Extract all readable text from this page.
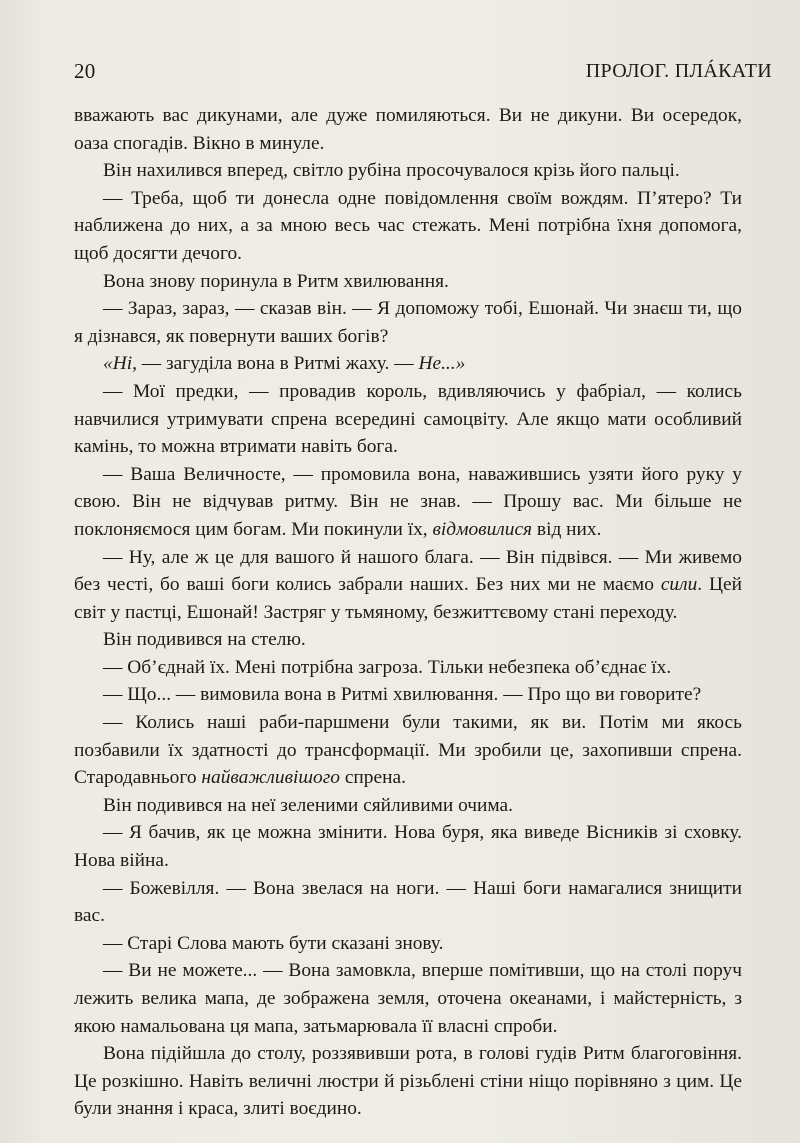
20	ПРОЛОГ. ПЛÁКАТИ

вважають вас дикунами, але дуже помиляються. Ви не дикуни. Ви осередок, оаза спогадів. Вікно в минуле.

Він нахилився вперед, світло рубіна просочувалося крізь його пальці.

— Треба, щоб ти донесла одне повідомлення своїм вождям. П’ятеро? Ти наближена до них, а за мною весь час стежать. Мені потрібна їхня допомога, щоб досягти дечого.

Вона знову поринула в Ритм хвилювання.

— Зараз, зараз, — сказав він. — Я допоможу тобі, Ешонай. Чи знаєш ти, що я дізнався, як повернути ваших богів?

«Ні, — загуділа вона в Ритмі жаху. — Не...»

— Мої предки, — провадив король, вдивляючись у фабріал, — колись навчилися утримувати спрена всередині самоцвіту. Але якщо мати особливий камінь, то можна втримати навіть бога.

— Ваша Величносте, — промовила вона, наважившись узяти його руку у свою. Він не відчував ритму. Він не знав. — Прошу вас. Ми більше не поклоняємося цим богам. Ми покинули їх, відмовилися від них.

— Ну, але ж це для вашого й нашого блага. — Він підвівся. — Ми живемо без честі, бо ваші боги колись забрали наших. Без них ми не маємо сили. Цей світ у пастці, Ешонай! Застряг у тьмяному, безжиттєвому стані переходу.

Він подивився на стелю.

— Об’єднай їх. Мені потрібна загроза. Тільки небезпека об’єднає їх.

— Що... — вимовила вона в Ритмі хвилювання. — Про що ви говорите?

— Колись наші раби-паршмени були такими, як ви. Потім ми якось позбавили їх здатності до трансформації. Ми зробили це, захопивши спрена. Стародавнього найважливішого спрена.

Він подивився на неї зеленими сяйливими очима.

— Я бачив, як це можна змінити. Нова буря, яка виведе Вісників зі сховку. Нова війна.

— Божевілля. — Вона звелася на ноги. — Наші боги намагалися знищити вас.

— Старі Слова мають бути сказані знову.

— Ви не можете... — Вона замовкла, вперше помітивши, що на столі поруч лежить велика мапа, де зображена земля, оточена океанами, і майстерність, з якою намальована ця мапа, затьмарювала її власні спроби.

Вона підійшла до столу, роззявивши рота, в голові гудів Ритм благоговіння. Це розкішно. Навіть величні люстри й різьблені стіни ніщо порівняно з цим. Це були знання і краса, злиті воєдино.
